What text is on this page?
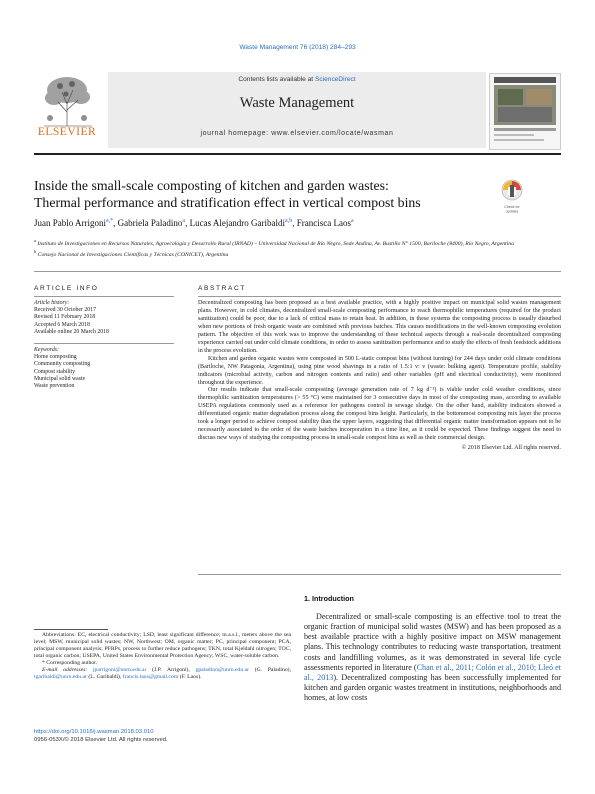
Waste Management 76 (2018) 284–293
Contents lists available at ScienceDirect
Waste Management
journal homepage: www.elsevier.com/locate/wasman
ELSEVIER
Inside the small-scale composting of kitchen and garden wastes:
Thermal performance and stratification effect in vertical compost bins	Check for
updates
Juan Pablo Arrigoni$^{a,*}$, Gabriela Paladino$^a$, Lucas Alejandro Garibaldi$^{a,b}$, Francisca Laos$^a$
$^a$ Instituto de Investigaciones en Recursos Naturales, Agroecología y Desarrollo Rural (IRNAD) – Universidad Nacional de Río Negro, Sede Andina, Av. Bustillo N° 1500, Bariloche (8400), Río Negro, Argentina
$^b$ Consejo Nacional de Investigaciones Científicas y Técnicas (CONICET), Argentina
ARTICLE INFO
Article history:
Received 30 October 2017
Revised 11 February 2018
Accepted 6 March 2018
Available online 20 March 2018
Keywords:
Home composting
Community composting
Compost stability
Municipal solid waste
Waste prevention
ABSTRACT

Decentralized composting has been proposed as a best available practice, with a highly positive impact on municipal solid wastes management plans. However, in cold climates, decentralized small-scale composting performance to reach thermophilic temperatures (required for the product sanitization) could be poor, due to a lack of critical mass to retain heat. In addition, in these systems the composting process is usually disturbed when new portions of fresh organic waste are combined with previous batches. This causes modifications in the well-known composting evolution pattern. The objective of this work was to improve the understanding of these technical aspects through a real-scale decentralized composting experience carried out under cold climate conditions, in order to assess sanitization performance and to study the effects of fresh feedstock additions in the process evolution.

Kitchen and garden organic wastes were composted in 500 L-static compost bins (without turning) for 244 days under cold climate conditions (Bariloche, NW Patagonia, Argentina), using pine wood shavings in a ratio of 1.5:1 v: v (waste: bulking agent). Temperature profile, stability indicators (microbial activity, carbon and nitrogen contents and ratio) and other variables (pH and electrical conductivity), were monitored throughout the experience.

Our results indicate that small-scale composting (average generation rate of 7 kg d⁻¹) is viable under cold weather conditions, since thermophilic sanitization temperatures (> 55 °C) were maintained for 3 consecutive days in most of the composting mass, according to available USEPA regulations commonly used as a reference for pathogens control in sewage sludge. On the other hand, stability indicators showed a differentiated organic matter degradation process along the compost bins height. Particularly, in the bottommost composting mix layer the process took a longer period to achieve compost stability than the upper layers, suggesting that differential organic matter transformation appears not to be necessarily associated to the order of the waste batches incorporation in a time line, as it could be expected. These findings suggest the need to discuss new ways of studying the composting process in small-scale compost bins as well as their commercial design.

© 2018 Elsevier Ltd. All rights reserved.
1. Introduction
Decentralized or small-scale composting is an effective tool to treat the organic fraction of municipal solid wastes (MSW) and has been proposed as a best available practice with a highly positive impact on MSW management plans. This technology contributes to reducing waste transportation, treatment costs and landfilling volumes, as it was demonstrated in several life cycle assessments reported in literature (Chan et al., 2011; Colón et al., 2010; Lleó et al., 2013). Decentralized composting has been successfully implemented for kitchen and garden organic wastes treatment in institutions, neighborhoods and homes, at low costs

Abbreviations: EC, electrical conductivity; LSD, least significant difference; m.a.s.l., meters above the sea level; MSW, municipal solid wastes; NW, Northwest; OM, organic matter; PC, principal component; PCA, principal component analysis; PFRPs, process to further reduce pathogens; TKN, total Kjeldahl nitrogen; TOC, total organic carbon; USEPA, United States Environmental Protection Agency; WSC, water-soluble carbon.

* Corresponding author.

E-mail addresses: jparrigoni@unrn.edu.ar (J.P. Arrigoni), gpaladino@unrn.edu.ar (G. Paladino), lgaribaldi@unrn.edu.ar (L. Garibaldi), francis.laos@gmail.com (F. Laos).

https://doi.org/10.1016/j.wasman.2018.03.010
0956-053X/© 2018 Elsevier Ltd. All rights reserved.
